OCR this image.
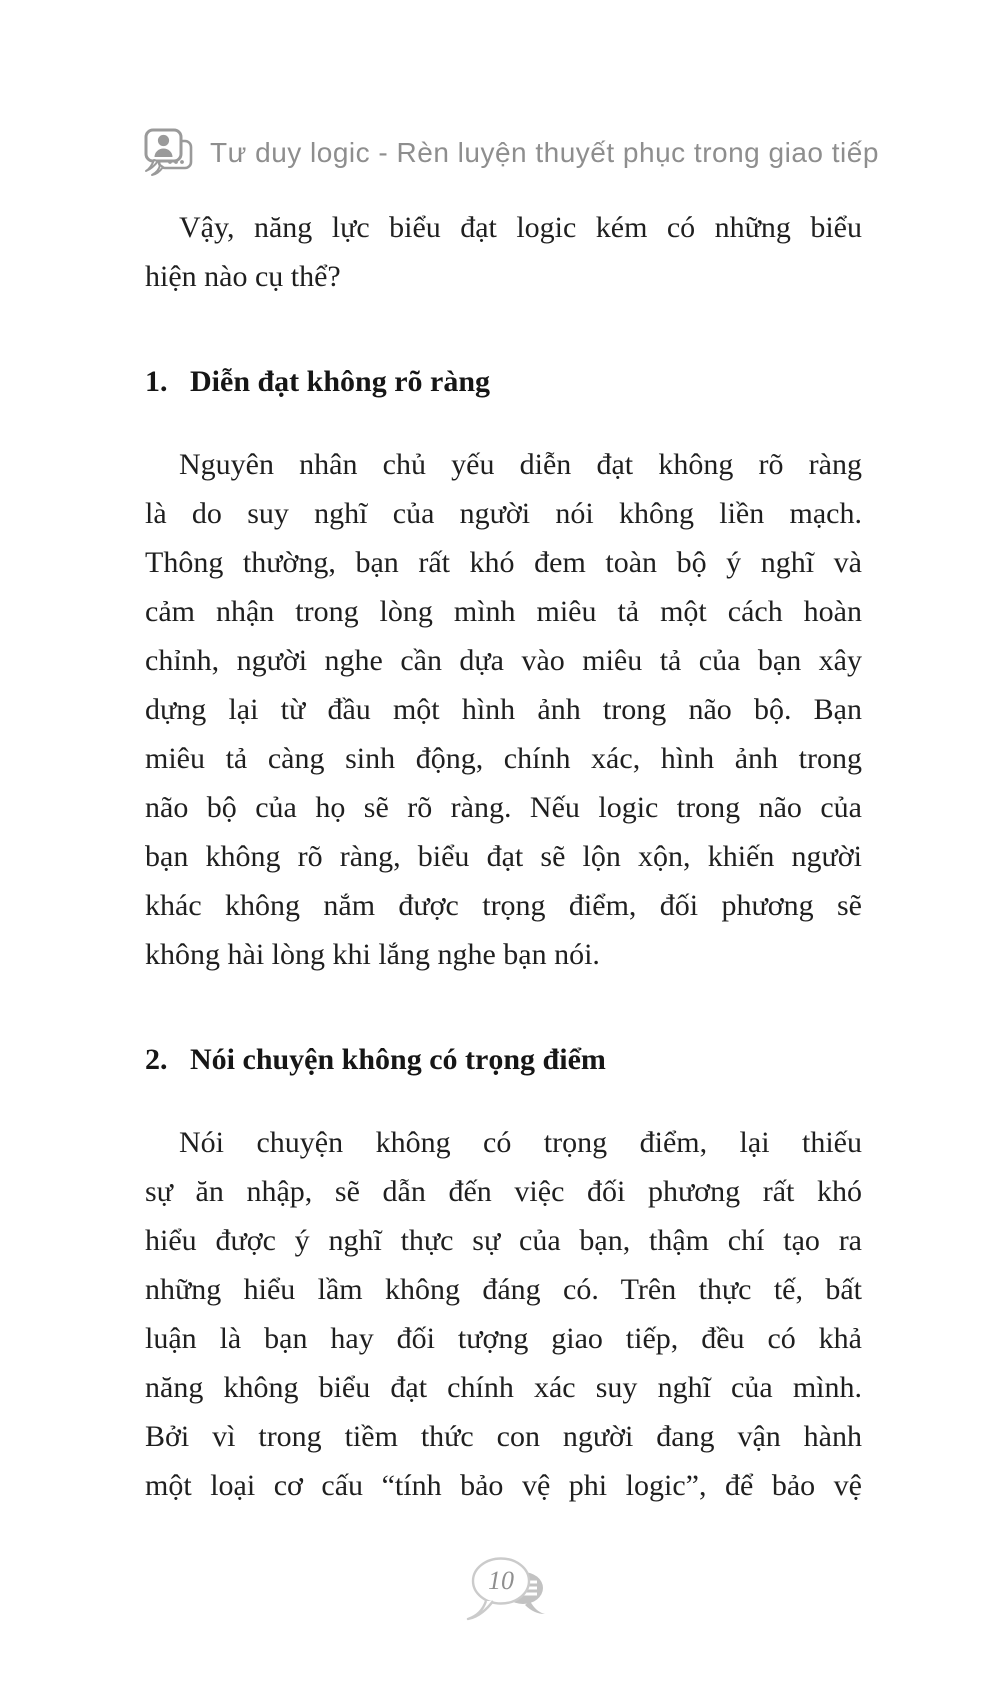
Tư duy logic - Rèn luyện thuyết phục trong giao tiếp
Vậy, năng lực biểu đạt logic kém có những biểu
hiện nào cụ thể?
1. Diễn đạt không rõ ràng
Nguyên nhân chủ yếu diễn đạt không rõ ràng
là do suy nghĩ của người nói không liền mạch.
Thông thường, bạn rất khó đem toàn bộ ý nghĩ và
cảm nhận trong lòng mình miêu tả một cách hoàn
chỉnh, người nghe cần dựa vào miêu tả của bạn xây
dựng lại từ đầu một hình ảnh trong não bộ. Bạn
miêu tả càng sinh động, chính xác, hình ảnh trong
não bộ của họ sẽ rõ ràng. Nếu logic trong não của
bạn không rõ ràng, biểu đạt sẽ lộn xộn, khiến người
khác không nắm được trọng điểm, đối phương sẽ
không hài lòng khi lắng nghe bạn nói.
2. Nói chuyện không có trọng điểm
Nói chuyện không có trọng điểm, lại thiếu
sự ăn nhập, sẽ dẫn đến việc đối phương rất khó
hiểu được ý nghĩ thực sự của bạn, thậm chí tạo ra
những hiểu lầm không đáng có. Trên thực tế, bất
luận là bạn hay đối tượng giao tiếp, đều có khả
năng không biểu đạt chính xác suy nghĩ của mình.
Bởi vì trong tiềm thức con người đang vận hành
một loại cơ cấu “tính bảo vệ phi logic”, để bảo vệ
10
